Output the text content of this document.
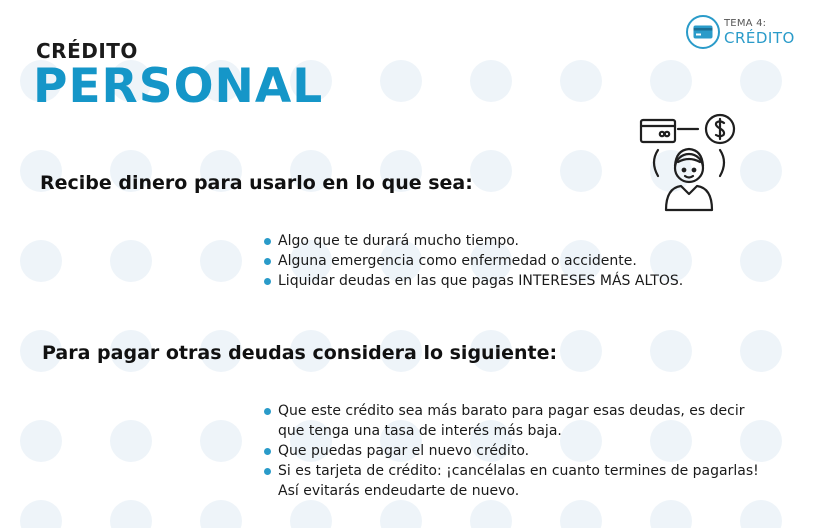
TEMA 4:
CRÉDITO
CRÉDITO
PERSONAL
Recibe dinero para usarlo en lo que sea:
Algo que te durará mucho tiempo.
Alguna emergencia como enfermedad o accidente.
Liquidar deudas en las que pagas INTERESES MÁS ALTOS.
Para pagar otras deudas considera lo siguiente:
Que este crédito sea más barato para pagar esas deudas, es decir que tenga una tasa de interés más baja.
Que puedas pagar el nuevo crédito.
Si es tarjeta de crédito: ¡cancélalas en cuanto termines de pagarlas! Así evitarás endeudarte de nuevo.
